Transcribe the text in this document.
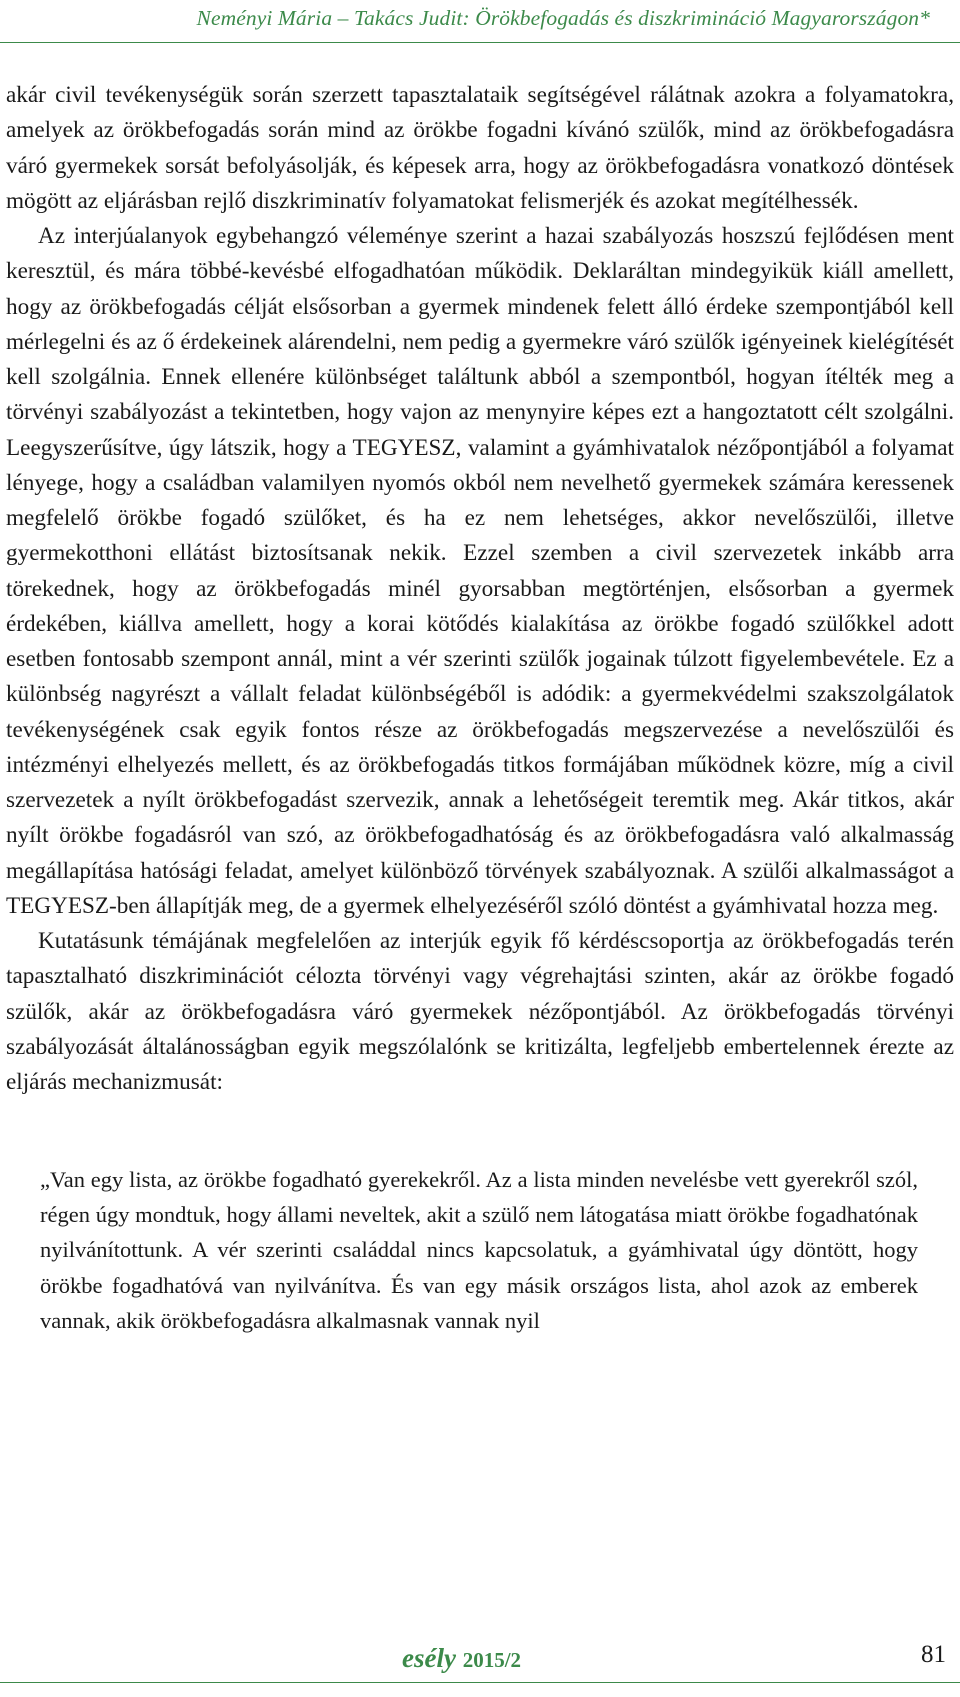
Neményi Mária – Takács Judit: Örökbefogadás és diszkrimináció Magyarországon*

akár civil tevékenységük során szerzett tapasztalataik segítségével rálátnak azokra a folyamatokra, amelyek az örökbefogadás során mind az örökbe fogadni kívánó szülők, mind az örökbefogadásra váró gyermekek sorsát befolyásolják, és képesek arra, hogy az örökbefogadásra vonatkozó döntések mögött az eljárásban rejlő diszkriminatív folyamatokat felismerjék és azokat megítélhessék.

Az interjúalanyok egybehangzó véleménye szerint a hazai szabályozás hoszszú fejlődésen ment keresztül, és mára többé-kevésbé elfogadhatóan működik. Deklaráltan mindegyikük kiáll amellett, hogy az örökbefogadás célját elsősorban a gyermek mindenek felett álló érdeke szempontjából kell mérlegelni és az ő érdekeinek alárendelni, nem pedig a gyermekre váró szülők igényeinek kielégítését kell szolgálnia. Ennek ellenére különbséget találtunk abból a szempontból, hogyan ítélték meg a törvényi szabályozást a tekintetben, hogy vajon az menynyire képes ezt a hangoztatott célt szolgálni. Leegyszerűsítve, úgy látszik, hogy a TEGYESZ, valamint a gyámhivatalok nézőpontjából a folyamat lényege, hogy a családban valamilyen nyomós okból nem nevelhető gyermekek számára keressenek megfelelő örökbe fogadó szülőket, és ha ez nem lehetséges, akkor nevelőszülői, illetve gyermekotthoni ellátást biztosítsanak nekik. Ezzel szemben a civil szervezetek inkább arra törekednek, hogy az örökbefogadás minél gyorsabban megtörténjen, elsősorban a gyermek érdekében, kiállva amellett, hogy a korai kötődés kialakítása az örökbe fogadó szülőkkel adott esetben fontosabb szempont annál, mint a vér szerinti szülők jogainak túlzott figyelembevétele. Ez a különbség nagyrészt a vállalt feladat különbségéből is adódik: a gyermekvédelmi szakszolgálatok tevékenységének csak egyik fontos része az örökbefogadás megszervezése a nevelőszülői és intézményi elhelyezés mellett, és az örökbefogadás titkos formájában működnek közre, míg a civil szervezetek a nyílt örökbefogadást szervezik, annak a lehetőségeit teremtik meg. Akár titkos, akár nyílt örökbe fogadásról van szó, az örökbefogadhatóság és az örökbefogadásra való alkalmasság megállapítása hatósági feladat, amelyet különböző törvények szabályoznak. A szülői alkalmasságot a TEGYESZ-ben állapítják meg, de a gyermek elhelyezéséről szóló döntést a gyámhivatal hozza meg.

Kutatásunk témájának megfelelően az interjúk egyik fő kérdéscsoportja az örökbefogadás terén tapasztalható diszkriminációt célozta törvényi vagy végrehajtási szinten, akár az örökbe fogadó szülők, akár az örökbefogadásra váró gyermekek nézőpontjából. Az örökbefogadás törvényi szabályozását általánosságban egyik megszólalónk se kritizálta, legfeljebb embertelennek érezte az eljárás mechanizmusát:

„Van egy lista, az örökbe fogadható gyerekekről. Az a lista minden nevelésbe vett gyerekről szól, régen úgy mondtuk, hogy állami neveltek, akit a szülő nem látogatása miatt örökbe fogadhatónak nyilvánítottunk. A vér szerinti családdal nincs kapcsolatuk, a gyámhivatal úgy döntött, hogy örökbe fogadhatóvá van nyilvánítva. És van egy másik országos lista, ahol azok az emberek vannak, akik örökbefogadásra alkalmasnak vannak nyil

esély 2015/2	81
